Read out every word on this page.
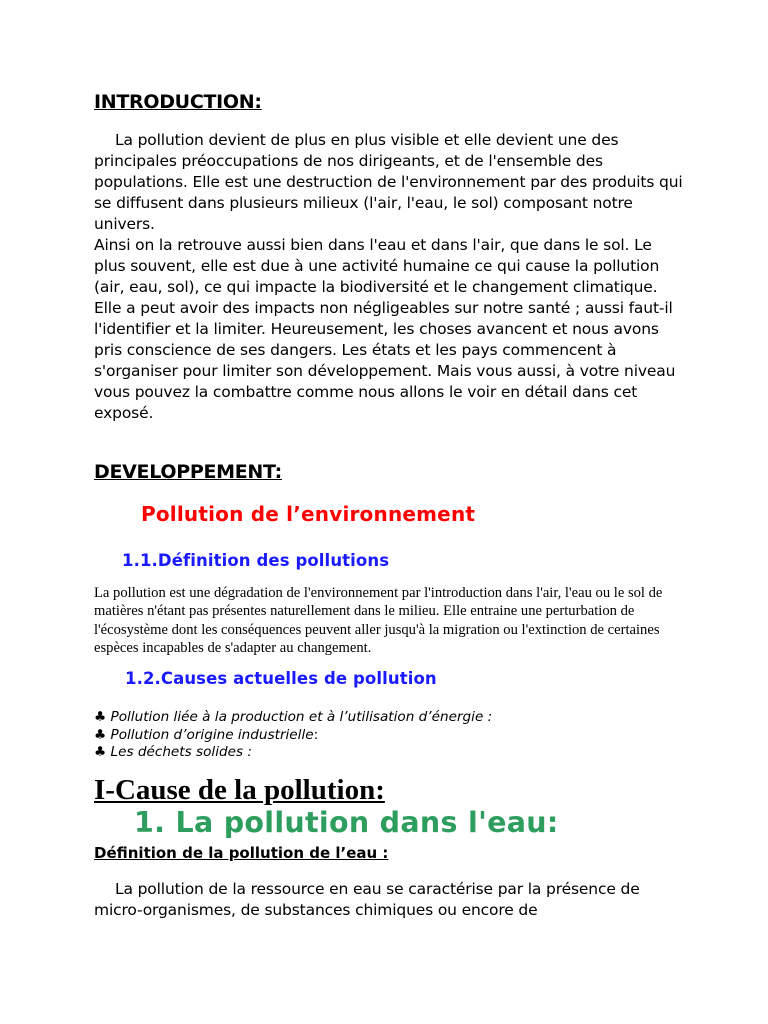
INTRODUCTION:

La pollution devient de plus en plus visible et elle devient une des principales préoccupations de nos dirigeants, et de l'ensemble des populations. Elle est une destruction de l'environnement par des produits qui se diffusent dans plusieurs milieux (l'air, l'eau, le sol) composant notre univers.

Ainsi on la retrouve aussi bien dans l'eau et dans l'air, que dans le sol. Le plus souvent, elle est due à une activité humaine ce qui cause la pollution (air, eau, sol), ce qui impacte la biodiversité et le changement climatique.

Elle a peut avoir des impacts non négligeables sur notre santé ; aussi faut-il l'identifier et la limiter. Heureusement, les choses avancent et nous avons pris conscience de ses dangers. Les états et les pays commencent à s'organiser pour limiter son développement. Mais vous aussi, à votre niveau vous pouvez la combattre comme nous allons le voir en détail dans cet exposé.

DEVELOPPEMENT:
Pollution de l’environnement
1.1.Définition des pollutions

La pollution est une dégradation de l'environnement par l'introduction dans l'air, l'eau ou le sol de matières n'étant pas présentes naturellement dans le milieu. Elle entraine une perturbation de l'écosystème dont les conséquences peuvent aller jusqu'à la migration ou l'extinction de certaines espèces incapables de s'adapter au changement.

1.2.Causes actuelles de pollution
♣ Pollution liée à la production et à l’utilisation d’énergie :
♣ Pollution d’origine industrielle:
♣ Les déchets solides :
I-Cause de la pollution:
1. La pollution dans l'eau:
Définition de la pollution de l’eau :

La pollution de la ressource en eau se caractérise par la présence de micro-organismes, de substances chimiques ou encore de
